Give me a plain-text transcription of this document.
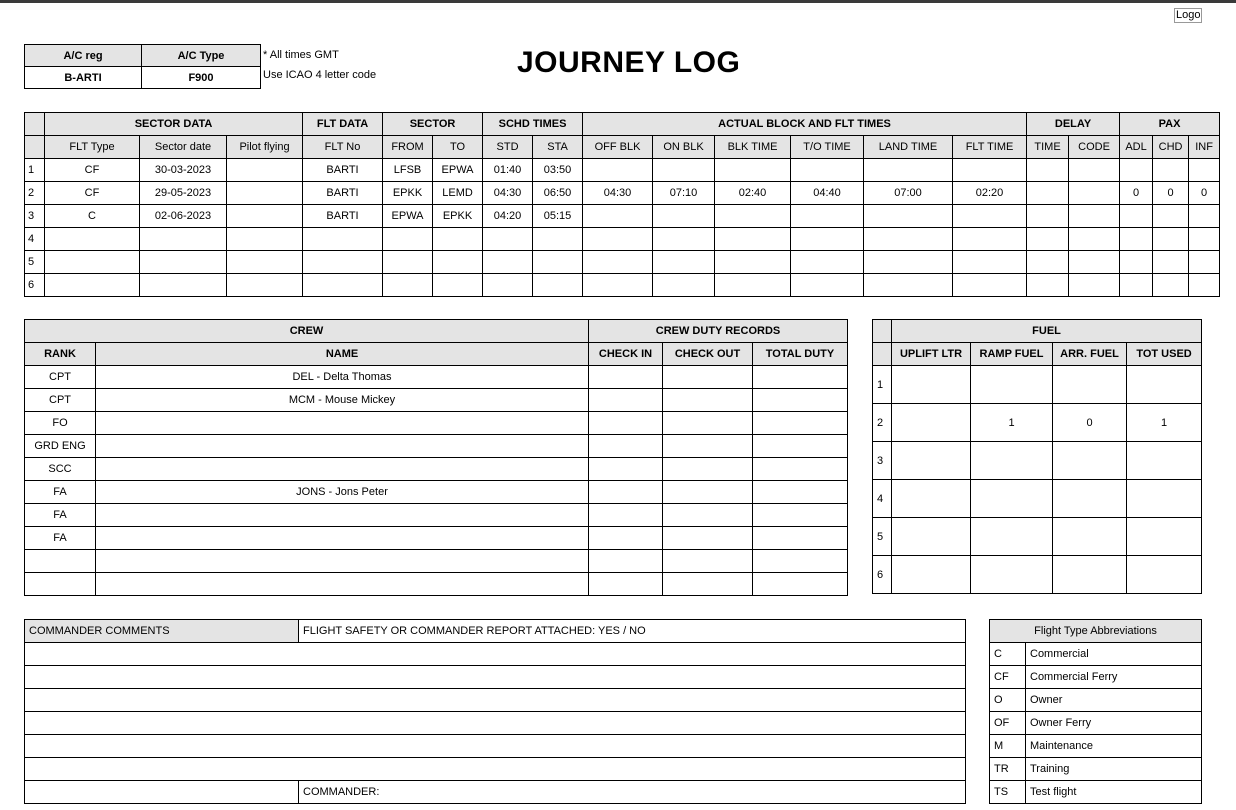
Logo
JOURNEY LOG
A/C reg	A/C Type
B-ARTI	F900
* All times GMT
Use ICAO 4 letter code
	SECTOR DATA			FLT DATA	SECTOR		SCHD TIMES		ACTUAL BLOCK AND FLT TIMES						DELAY		PAX		
	FLT Type	Sector date	Pilot flying	FLT No	FROM	TO	STD	STA	OFF BLK	ON BLK	BLK TIME	T/O TIME	LAND TIME	FLT TIME	TIME	CODE	ADL	CHD	INF
1	CF	30-03-2023		BARTI	LFSB	EPWA	01:40	03:50											
2	CF	29-05-2023		BARTI	EPKK	LEMD	04:30	06:50	04:30	07:10	02:40	04:40	07:00	02:20			0	0	0
3	C	02-06-2023		BARTI	EPWA	EPKK	04:20	05:15											
4																			
5																			
6																			
CREW		CREW DUTY RECORDS		
RANK	NAME	CHECK IN	CHECK OUT	TOTAL DUTY
CPT	DEL - Delta Thomas			
CPT	MCM - Mouse Mickey			
FO				
GRD ENG				
SCC				
FA	JONS - Jons Peter			
FA				
FA				

	FUEL			
	UPLIFT LTR	RAMP FUEL	ARR. FUEL	TOT USED
1				
2		1	0	1
3				
4				
5				
6				
COMMANDER COMMENTS	FLIGHT SAFETY OR COMMANDER REPORT ATTACHED: YES / NO

	COMMANDER:
Flight Type Abbreviations	
C	Commercial
CF	Commercial Ferry
O	Owner
OF	Owner Ferry
M	Maintenance
TR	Training
TS	Test flight
